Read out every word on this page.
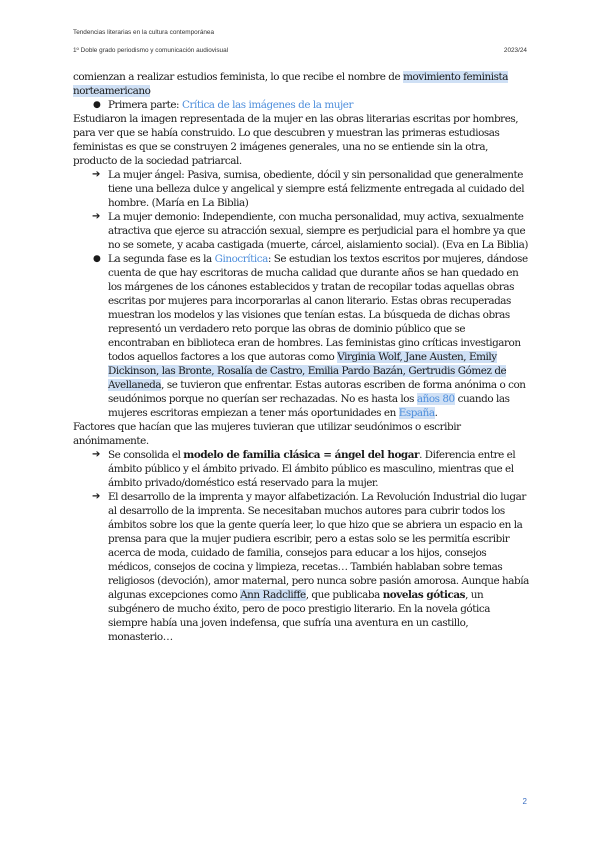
Tendencias literarias en la cultura contemporánea
1º Doble grado periodismo y comunicación audiovisual	2023/24

comienzan a realizar estudios feminista, lo que recibe el nombre de movimiento feminista norteamericano

● Primera parte: Crítica de las imágenes de la mujer

Estudiaron la imagen representada de la mujer en las obras literarias escritas por hombres, para ver que se había construido. Lo que descubren y muestran las primeras estudiosas feministas es que se construyen 2 imágenes generales, una no se entiende sin la otra, producto de la sociedad patriarcal.

➔ La mujer ángel: Pasiva, sumisa, obediente, dócil y sin personalidad que generalmente tiene una belleza dulce y angelical y siempre está felizmente entregada al cuidado del hombre. (María en La Biblia)

➔ La mujer demonio: Independiente, con mucha personalidad, muy activa, sexualmente atractiva que ejerce su atracción sexual, siempre es perjudicial para el hombre ya que no se somete, y acaba castigada (muerte, cárcel, aislamiento social). (Eva en La Biblia)

● La segunda fase es la Ginocrítica: Se estudian los textos escritos por mujeres, dándose cuenta de que hay escritoras de mucha calidad que durante años se han quedado en los márgenes de los cánones establecidos y tratan de recopilar todas aquellas obras escritas por mujeres para incorporarlas al canon literario. Estas obras recuperadas muestran los modelos y las visiones que tenían estas. La búsqueda de dichas obras representó un verdadero reto porque las obras de dominio público que se encontraban en biblioteca eran de hombres. Las feministas gino críticas investigaron todos aquellos factores a los que autoras como Virginia Wolf, Jane Austen, Emily Dickinson, las Bronte, Rosalía de Castro, Emilia Pardo Bazán, Gertrudis Gómez de Avellaneda, se tuvieron que enfrentar. Estas autoras escriben de forma anónima o con seudónimos porque no querían ser rechazadas. No es hasta los años 80 cuando las mujeres escritoras empiezan a tener más oportunidades en España.

Factores que hacían que las mujeres tuvieran que utilizar seudónimos o escribir anónimamente.

➔ Se consolida el modelo de familia clásica = ángel del hogar. Diferencia entre el ámbito público y el ámbito privado. El ámbito público es masculino, mientras que el ámbito privado/doméstico está reservado para la mujer.

➔ El desarrollo de la imprenta y mayor alfabetización. La Revolución Industrial dio lugar al desarrollo de la imprenta. Se necesitaban muchos autores para cubrir todos los ámbitos sobre los que la gente quería leer, lo que hizo que se abriera un espacio en la prensa para que la mujer pudiera escribir, pero a estas solo se les permitía escribir acerca de moda, cuidado de familia, consejos para educar a los hijos, consejos médicos, consejos de cocina y limpieza, recetas… También hablaban sobre temas religiosos (devoción), amor maternal, pero nunca sobre pasión amorosa. Aunque había algunas excepciones como Ann Radcliffe, que publicaba novelas góticas, un subgénero de mucho éxito, pero de poco prestigio literario. En la novela gótica siempre había una joven indefensa, que sufría una aventura en un castillo, monasterio…

2
